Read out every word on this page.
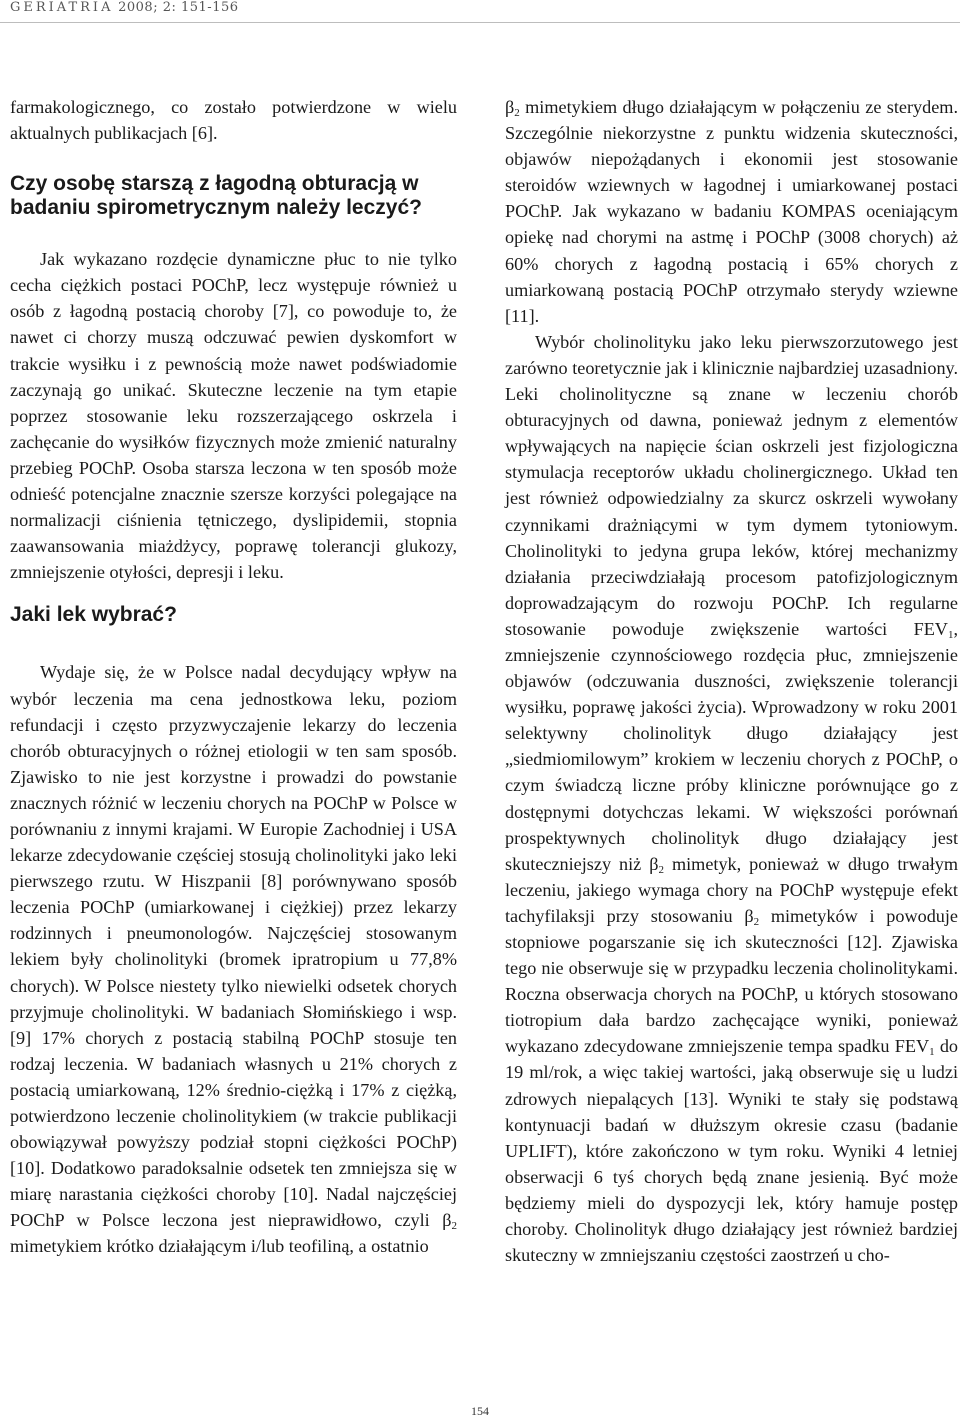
GERIATRIA 2008; 2: 151-156

farmakologicznego, co zostało potwierdzone w wielu aktualnych publikacjach [6].

Czy osobę starszą z łagodną obturacją w badaniu spirometrycznym należy leczyć?

Jak wykazano rozdęcie dynamiczne płuc to nie tylko cecha ciężkich postaci POChP, lecz występuje również u osób z łagodną postacią choroby [7], co powoduje to, że nawet ci chorzy muszą odczuwać pewien dyskomfort w trakcie wysiłku i z pewnością może nawet podświadomie zaczynają go unikać. Skuteczne leczenie na tym etapie poprzez stosowanie leku rozszerzającego oskrzela i zachęcanie do wysiłków fizycznych może zmienić naturalny przebieg POChP. Osoba starsza leczona w ten sposób może odnieść potencjalne znacznie szersze korzyści polegające na normalizacji ciśnienia tętniczego, dyslipidemii, stopnia zaawansowania miażdżycy, poprawę tolerancji glukozy, zmniejszenie otyłości, depresji i leku.

Jaki lek wybrać?

Wydaje się, że w Polsce nadal decydujący wpływ na wybór leczenia ma cena jednostkowa leku, poziom refundacji i często przyzwyczajenie lekarzy do leczenia chorób obturacyjnych o różnej etiologii w ten sam sposób. Zjawisko to nie jest korzystne i prowadzi do powstanie znacznych różnić w leczeniu chorych na POChP w Polsce w porównaniu z innymi krajami. W Europie Zachodniej i USA lekarze zdecydowanie częściej stosują cholinolityki jako leki pierwszego rzutu. W Hiszpanii [8] porównywano sposób leczenia POChP (umiarkowanej i ciężkiej) przez lekarzy rodzinnych i pneumonologów. Najczęściej stosowanym lekiem były cholinolityki (bromek ipratropium u 77,8% chorych). W Polsce niestety tylko niewielki odsetek chorych przyjmuje cholinolityki. W badaniach Słomińskiego i wsp. [9] 17% chorych z postacią stabilną POChP stosuje ten rodzaj leczenia. W badaniach własnych u 21% chorych z postacią umiarkowaną, 12% średnio-ciężką i 17% z ciężką, potwierdzono leczenie cholinolitykiem (w trakcie publikacji obowiązywał powyższy podział stopni ciężkości POChP) [10]. Dodatkowo paradoksalnie odsetek ten zmniejsza się w miarę narastania ciężkości choroby [10]. Nadal najczęściej POChP w Polsce leczona jest nieprawidłowo, czyli $\beta_2$ mimetykiem krótko działającym i/lub teofiliną, a ostatnio

$\beta_2$ mimetykiem długo działającym w połączeniu ze sterydem. Szczególnie niekorzystne z punktu widzenia skuteczności, objawów niepożądanych i ekonomii jest stosowanie steroidów wziewnych w łagodnej i umiarkowanej postaci POChP. Jak wykazano w badaniu KOMPAS oceniającym opiekę nad chorymi na astmę i POChP (3008 chorych) aż 60% chorych z łagodną postacią i 65% chorych z umiarkowaną postacią POChP otrzymało sterydy wziewne [11].

Wybór cholinolityku jako leku pierwszorzutowego jest zarówno teoretycznie jak i klinicznie najbardziej uzasadniony. Leki cholinolityczne są znane w leczeniu chorób obturacyjnych od dawna, ponieważ jednym z elementów wpływających na napięcie ścian oskrzeli jest fizjologiczna stymulacja receptorów układu cholinergicznego. Układ ten jest również odpowiedzialny za skurcz oskrzeli wywołany czynnikami drażniącymi w tym dymem tytoniowym. Cholinolityki to jedyna grupa leków, której mechanizmy działania przeciwdziałają procesom patofizjologicznym doprowadzającym do rozwoju POChP. Ich regularne stosowanie powoduje zwiększenie wartości $FEV_1$, zmniejszenie czynnościowego rozdęcia płuc, zmniejszenie objawów (odczuwania duszności, zwiększenie tolerancji wysiłku, poprawę jakości życia). Wprowadzony w roku 2001 selektywny cholinolityk długo działający jest „siedmiomilowym” krokiem w leczeniu chorych z POChP, o czym świadczą liczne próby kliniczne porównujące go z dostępnymi dotychczas lekami. W większości porównań prospektywnych cholinolityk długo działający jest skuteczniejszy niż $\beta_2$ mimetyk, ponieważ w długo trwałym leczeniu, jakiego wymaga chory na POChP występuje efekt tachyfilaksji przy stosowaniu $\beta_2$ mimetyków i powoduje stopniowe pogarszanie się ich skuteczności [12]. Zjawiska tego nie obserwuje się w przypadku leczenia cholinolitykami. Roczna obserwacja chorych na POChP, u których stosowano tiotropium dała bardzo zachęcające wyniki, ponieważ wykazano zdecydowane zmniejszenie tempa spadku $FEV_1$ do 19 ml/rok, a więc takiej wartości, jaką obserwuje się u ludzi zdrowych niepalących [13]. Wyniki te stały się podstawą kontynuacji badań w dłuższym okresie czasu (badanie UPLIFT), które zakończono w tym roku. Wyniki 4 letniej obserwacji 6 tyś chorych będą znane jesienią. Być może będziemy mieli do dyspozycji lek, który hamuje postęp choroby. Cholinolityk długo działający jest również bardziej skuteczny w zmniejszaniu częstości zaostrzeń u cho-

154
